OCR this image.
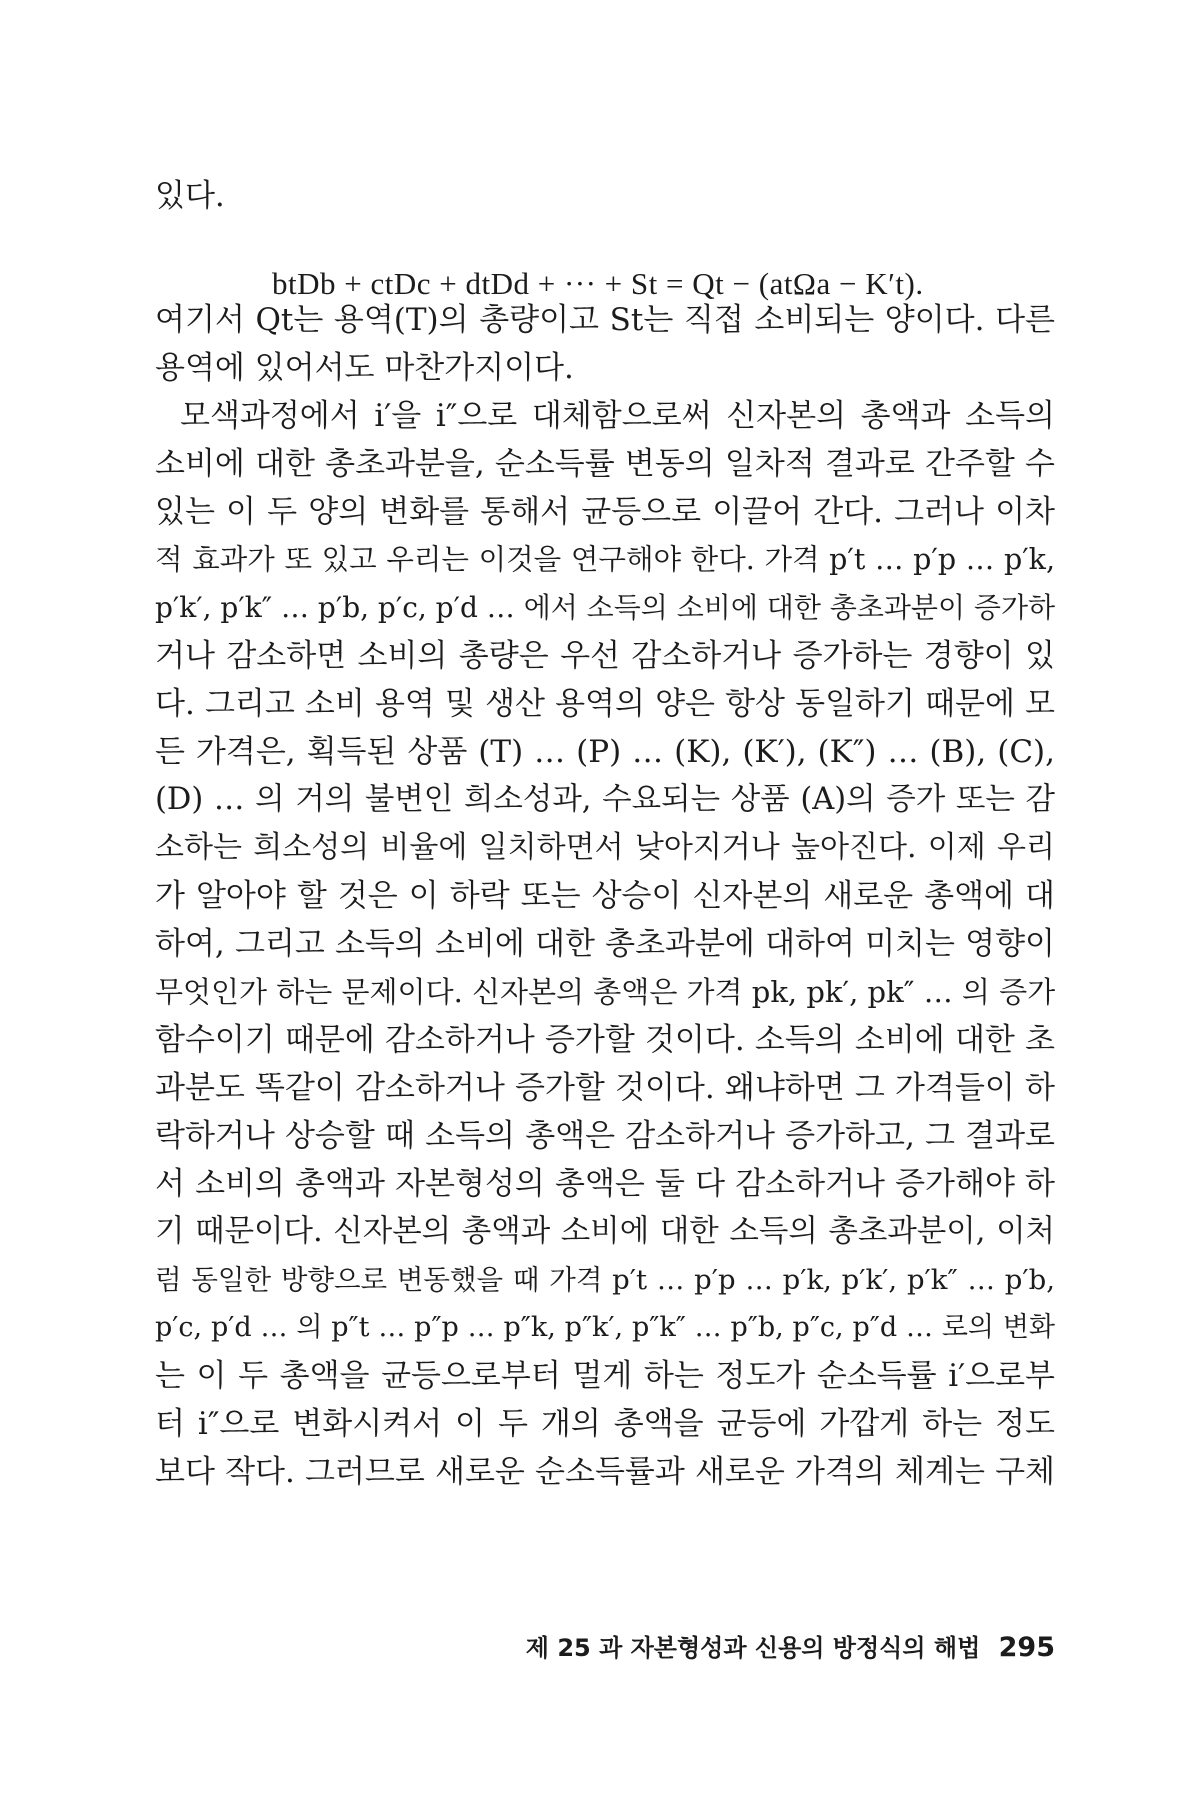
있다.
btDb + ctDc + dtDd + ··· + St = Qt − (atΩa − K′t).
여기서 Qt는 용역(T)의 총량이고 St는 직접 소비되는 양이다. 다른
용역에 있어서도 마찬가지이다.
모색과정에서 i′을 i″으로 대체함으로써 신자본의 총액과 소득의
소비에 대한 총초과분을, 순소득률 변동의 일차적 결과로 간주할 수
있는 이 두 양의 변화를 통해서 균등으로 이끌어 간다. 그러나 이차
적 효과가 또 있고 우리는 이것을 연구해야 한다. 가격 p′t … p′p … p′k,
p′k′, p′k″ … p′b, p′c, p′d … 에서 소득의 소비에 대한 총초과분이 증가하
거나 감소하면 소비의 총량은 우선 감소하거나 증가하는 경향이 있
다. 그리고 소비 용역 및 생산 용역의 양은 항상 동일하기 때문에 모
든 가격은, 획득된 상품 (T) … (P) … (K), (K′), (K″) … (B), (C),
(D) … 의 거의 불변인 희소성과, 수요되는 상품 (A)의 증가 또는 감
소하는 희소성의 비율에 일치하면서 낮아지거나 높아진다. 이제 우리
가 알아야 할 것은 이 하락 또는 상승이 신자본의 새로운 총액에 대
하여, 그리고 소득의 소비에 대한 총초과분에 대하여 미치는 영향이
무엇인가 하는 문제이다. 신자본의 총액은 가격 pk, pk′, pk″ … 의 증가
함수이기 때문에 감소하거나 증가할 것이다. 소득의 소비에 대한 초
과분도 똑같이 감소하거나 증가할 것이다. 왜냐하면 그 가격들이 하
락하거나 상승할 때 소득의 총액은 감소하거나 증가하고, 그 결과로
서 소비의 총액과 자본형성의 총액은 둘 다 감소하거나 증가해야 하
기 때문이다. 신자본의 총액과 소비에 대한 소득의 총초과분이, 이처
럼 동일한 방향으로 변동했을 때 가격 p′t … p′p … p′k, p′k′, p′k″ … p′b,
p′c, p′d … 의 p″t … p″p … p″k, p″k′, p″k″ … p″b, p″c, p″d … 로의 변화
는 이 두 총액을 균등으로부터 멀게 하는 정도가 순소득률 i′으로부
터 i″으로 변화시켜서 이 두 개의 총액을 균등에 가깝게 하는 정도
보다 작다. 그러므로 새로운 순소득률과 새로운 가격의 체계는 구체
제 25 과 자본형성과 신용의 방정식의 해법 295
